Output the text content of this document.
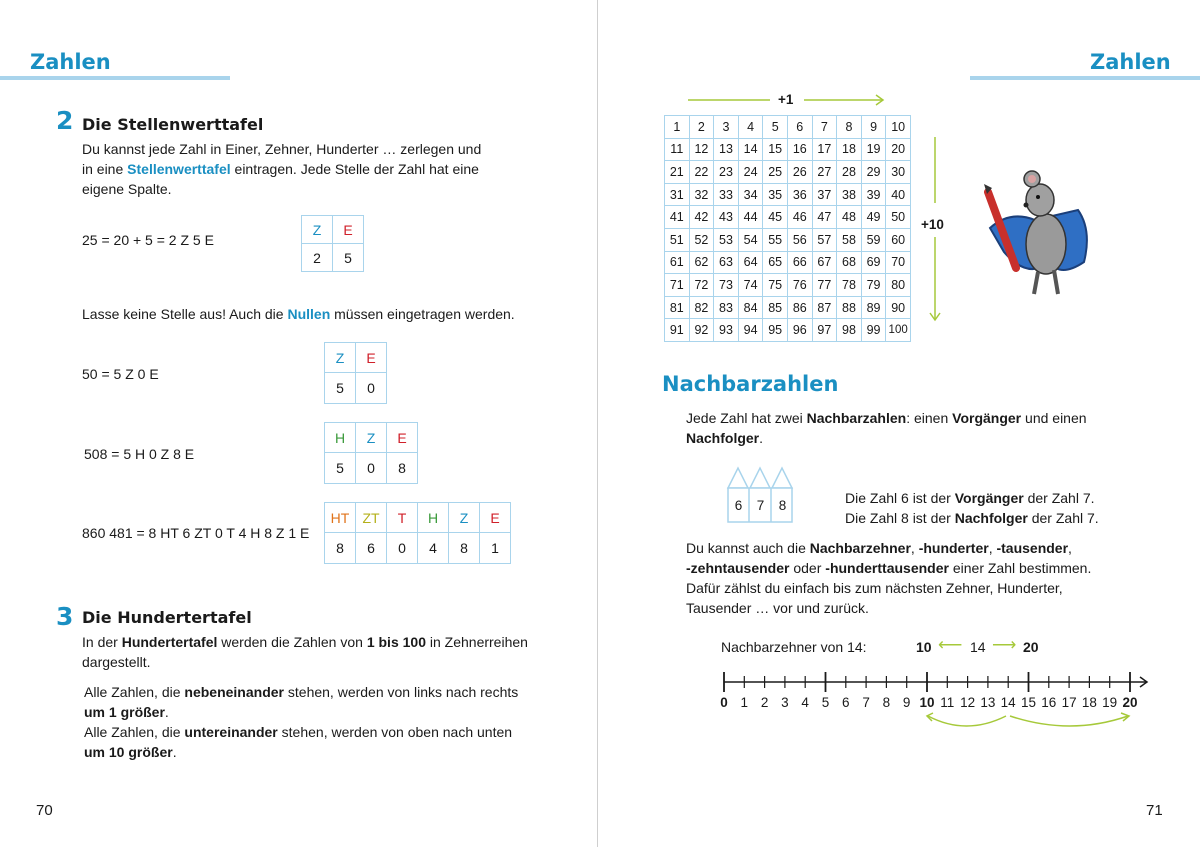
Zahlen
2 Die Stellenwerttafel
Du kannst jede Zahl in Einer, Zehner, Hunderter … zerlegen und
in eine Stellenwerttafel eintragen. Jede Stelle der Zahl hat eine
eigene Spalte.
25 = 20 + 5 = 2 Z 5 E
Z	E
2	5
Lasse keine Stelle aus! Auch die Nullen müssen eingetragen werden.
50 = 5 Z 0 E
Z	E
5	0
508 = 5 H 0 Z 8 E
H	Z	E
5	0	8
860 481 = 8 HT 6 ZT 0 T 4 H 8 Z 1 E
HT	ZT	T	H	Z	E
8	6	0	4	8	1
3 Die Hundertertafel
In der Hundertertafel werden die Zahlen von 1 bis 100 in Zehnerreihen
dargestellt.
Alle Zahlen, die nebeneinander stehen, werden von links nach rechts
um 1 größer.
Alle Zahlen, die untereinander stehen, werden von oben nach unten
um 10 größer.
70
Zahlen
+1
1	2	3	4	5	6	7	8	9	10
11	12	13	14	15	16	17	18	19	20
21	22	23	24	25	26	27	28	29	30
31	32	33	34	35	36	37	38	39	40
41	42	43	44	45	46	47	48	49	50
51	52	53	54	55	56	57	58	59	60
61	62	63	64	65	66	67	68	69	70
71	72	73	74	75	76	77	78	79	80
81	82	83	84	85	86	87	88	89	90
91	92	93	94	95	96	97	98	99	100
+10
Nachbarzahlen
Jede Zahl hat zwei Nachbarzahlen: einen Vorgänger und einen
Nachfolger.
6	7	8	Die Zahl 6 ist der Vorgänger der Zahl 7.
Die Zahl 8 ist der Nachfolger der Zahl 7.
Du kannst auch die Nachbarzehner, -hunderter, -tausender,
-zehntausender oder -hunderttausender einer Zahl bestimmen.
Dafür zählst du einfach bis zum nächsten Zehner, Hunderter,
Tausender … vor und zurück.
Nachbarzehner von 14:	10 ⟵ 14 ⟶ 20
0 1 2 3 4 5 6 7 8 9 10 11 12 13 14 15 16 17 18 19 20
71
